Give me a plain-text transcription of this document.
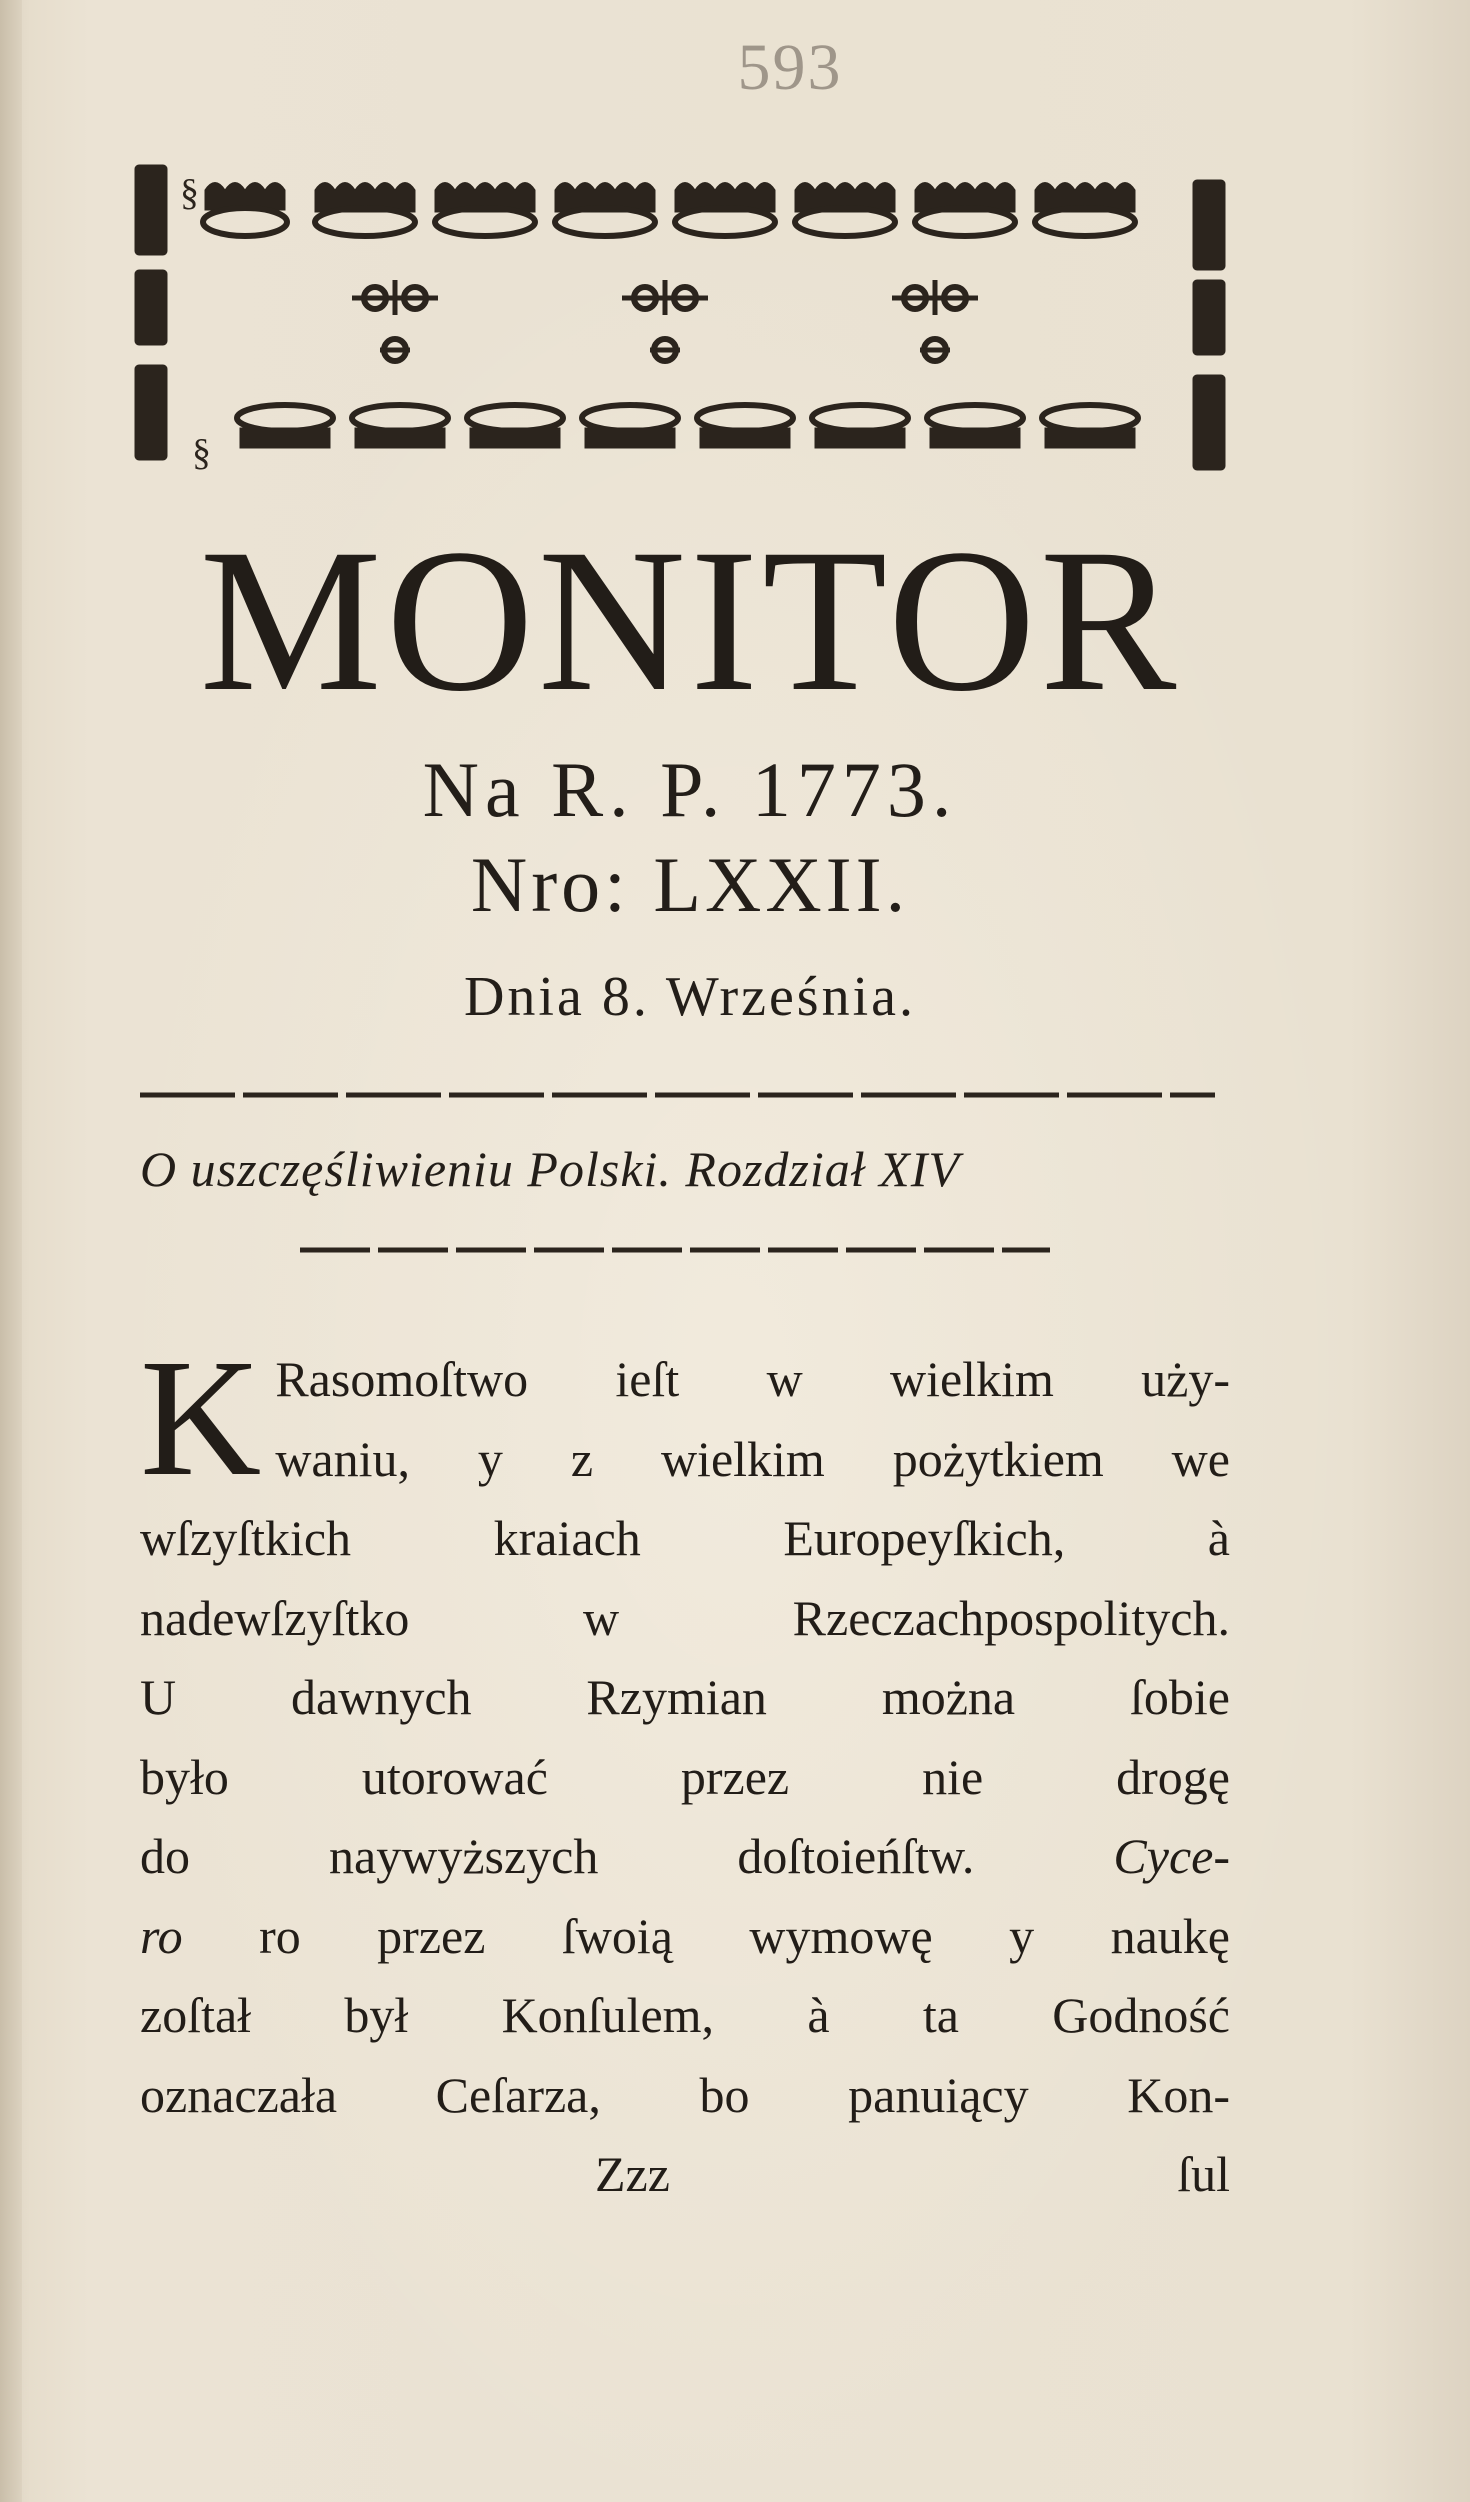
593
§
§
MONITOR
Na R. P. 1773.
Nro: LXXII.
Dnia 8. Września.
O uszczęśliwieniu Polski. Rozdział XIV
K Rasomoſtwo ieſt w wielkim uży-
waniu, y z wielkim pożytkiem we
wſzyſtkich kraiach Europeyſkich, à
nadewſzyſtko w Rzeczachpospolitych.
U dawnych Rzymian można ſobie
było utorować przez nie drogę
do naywyższych doſtoieńſtw.	Cyce-
ro ro przez ſwoią wymowę y naukę
zoſtał był Konſulem, à ta Godność
oznaczała Ceſarza, bo panuiący Kon-
Zzz	ſul
